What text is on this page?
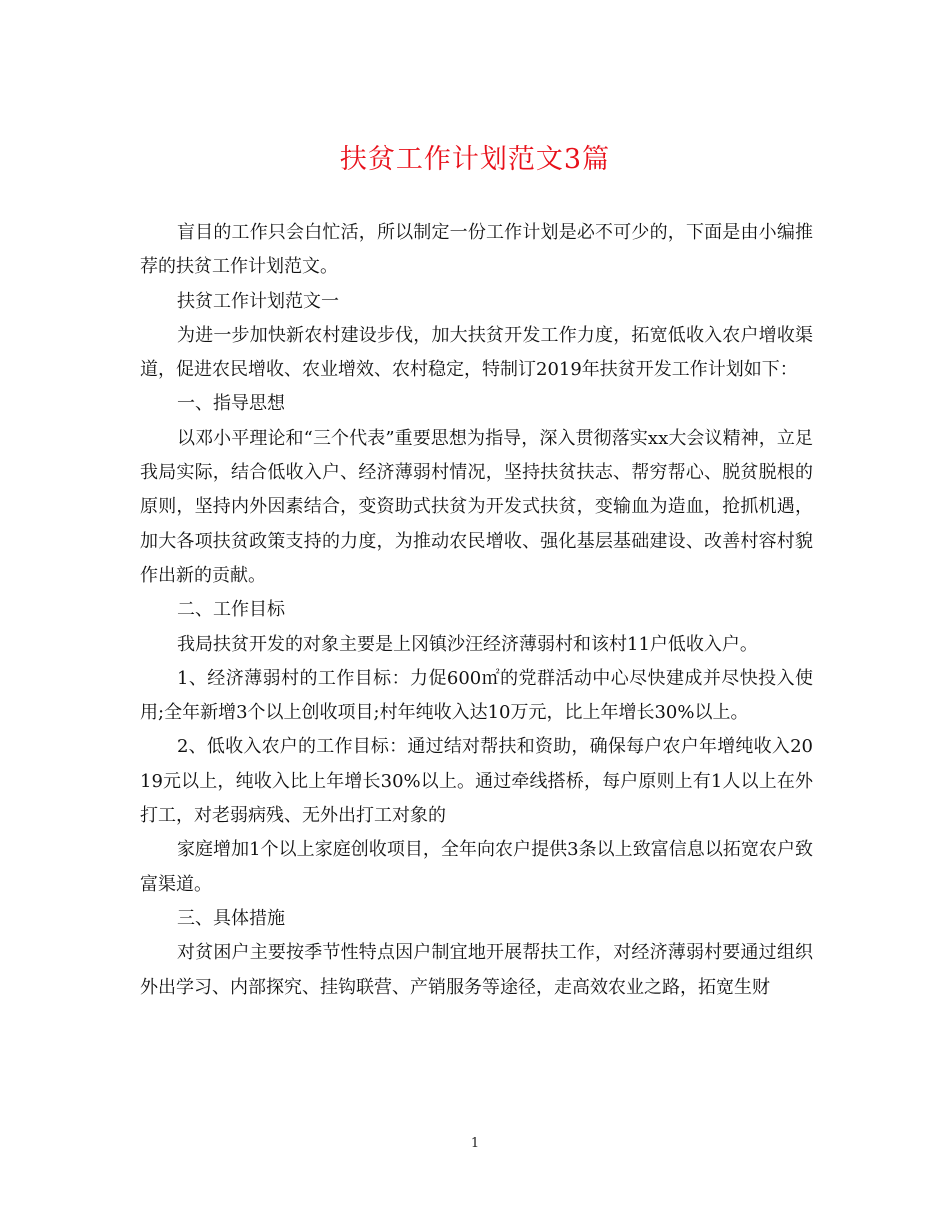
扶贫工作计划范文3篇

盲目的工作只会白忙活，所以制定一份工作计划是必不可少的，下面是由小编推荐的扶贫工作计划范文。

扶贫工作计划范文一

为进一步加快新农村建设步伐，加大扶贫开发工作力度，拓宽低收入农户增收渠道，促进农民增收、农业增效、农村稳定，特制订2019年扶贫开发工作计划如下：

一、指导思想

以邓小平理论和“三个代表”重要思想为指导，深入贯彻落实xx大会议精神，立足我局实际，结合低收入户、经济薄弱村情况，坚持扶贫扶志、帮穷帮心、脱贫脱根的原则，坚持内外因素结合，变资助式扶贫为开发式扶贫，变输血为造血，抢抓机遇，加大各项扶贫政策支持的力度，为推动农民增收、强化基层基础建设、改善村容村貌作出新的贡献。

二、工作目标

我局扶贫开发的对象主要是上冈镇沙汪经济薄弱村和该村11户低收入户。

1、经济薄弱村的工作目标：力促600㎡的党群活动中心尽快建成并尽快投入使用;全年新增3个以上创收项目;村年纯收入达10万元，比上年增长30%以上。

2、低收入农户的工作目标：通过结对帮扶和资助，确保每户农户年增纯收入2019元以上，纯收入比上年增长30%以上。通过牵线搭桥，每户原则上有1人以上在外打工，对老弱病残、无外出打工对象的

家庭增加1个以上家庭创收项目，全年向农户提供3条以上致富信息以拓宽农户致富渠道。

三、具体措施

对贫困户主要按季节性特点因户制宜地开展帮扶工作，对经济薄弱村要通过组织外出学习、内部探究、挂钩联营、产销服务等途径，走高效农业之路，拓宽生财

1
